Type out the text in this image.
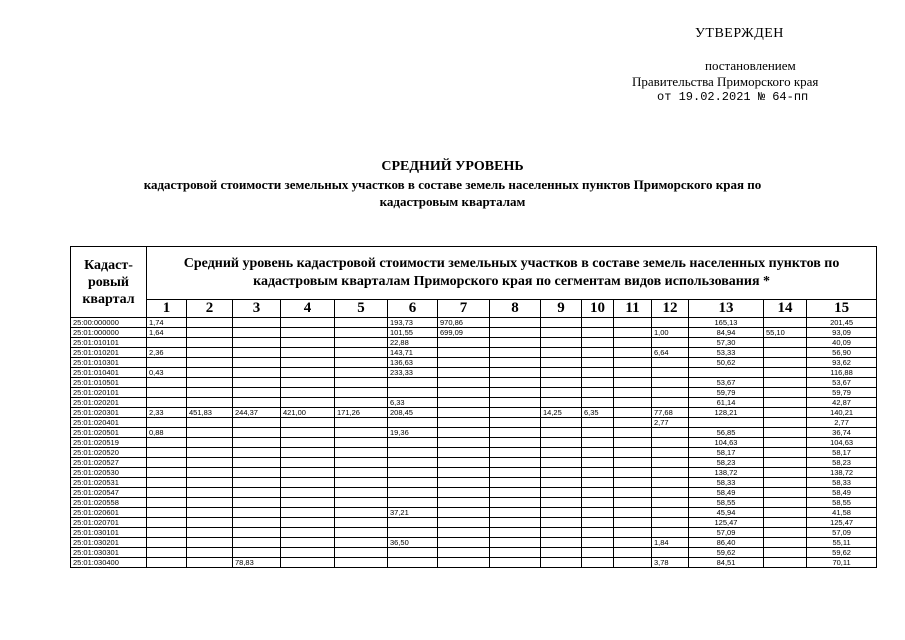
УТВЕРЖДЕН
постановлением
Правительства Приморского края
от 19.02.2021 № 64-пп
СРЕДНИЙ УРОВЕНЬ
кадастровой стоимости земельных участков в составе земель населенных пунктов Приморского края по
кадастровым кварталам
Кадаст-
ровый
квартал	Средний уровень кадастровой стоимости земельных участков в составе земель населенных пунктов по
кадастровым кварталам Приморского края по сегментам видов использования *														
	1	2	3	4	5	6	7	8	9	10	11	12	13	14	15
25:00:000000	1,74					193,73	970,86						165,13		201,45
25:01:000000	1,64					101,55	699,09					1,00	84,94	55,10	93,09
25:01:010101						22,88							57,30		40,09
25:01:010201	2,36					143,71						6,64	53,33		56,90
25:01:010301						136,63							50,62		93,62
25:01:010401	0,43					233,33									116,88
25:01:010501													53,67		53,67
25:01:020101													59,79		59,79
25:01:020201						6,33							61,14		42,87
25:01:020301	2,33	451,83	244,37	421,00	171,26	208,45			14,25	6,35		77,68	128,21		140,21
25:01:020401												2,77			2,77
25:01:020501	0,88					19,36							56,85		36,74
25:01:020519													104,63		104,63
25:01:020520													58,17		58,17
25:01:020527													58,23		58,23
25:01:020530													138,72		138,72
25:01:020531													58,33		58,33
25:01:020547													58,49		58,49
25:01:020558													58,55		58,55
25:01:020601						37,21							45,94		41,58
25:01:020701													125,47		125,47
25:01:030101													57,09		57,09
25:01:030201						36,50						1,84	86,40		55,11
25:01:030301													59,62		59,62
25:01:030400			78,83									3,78	84,51		70,11
